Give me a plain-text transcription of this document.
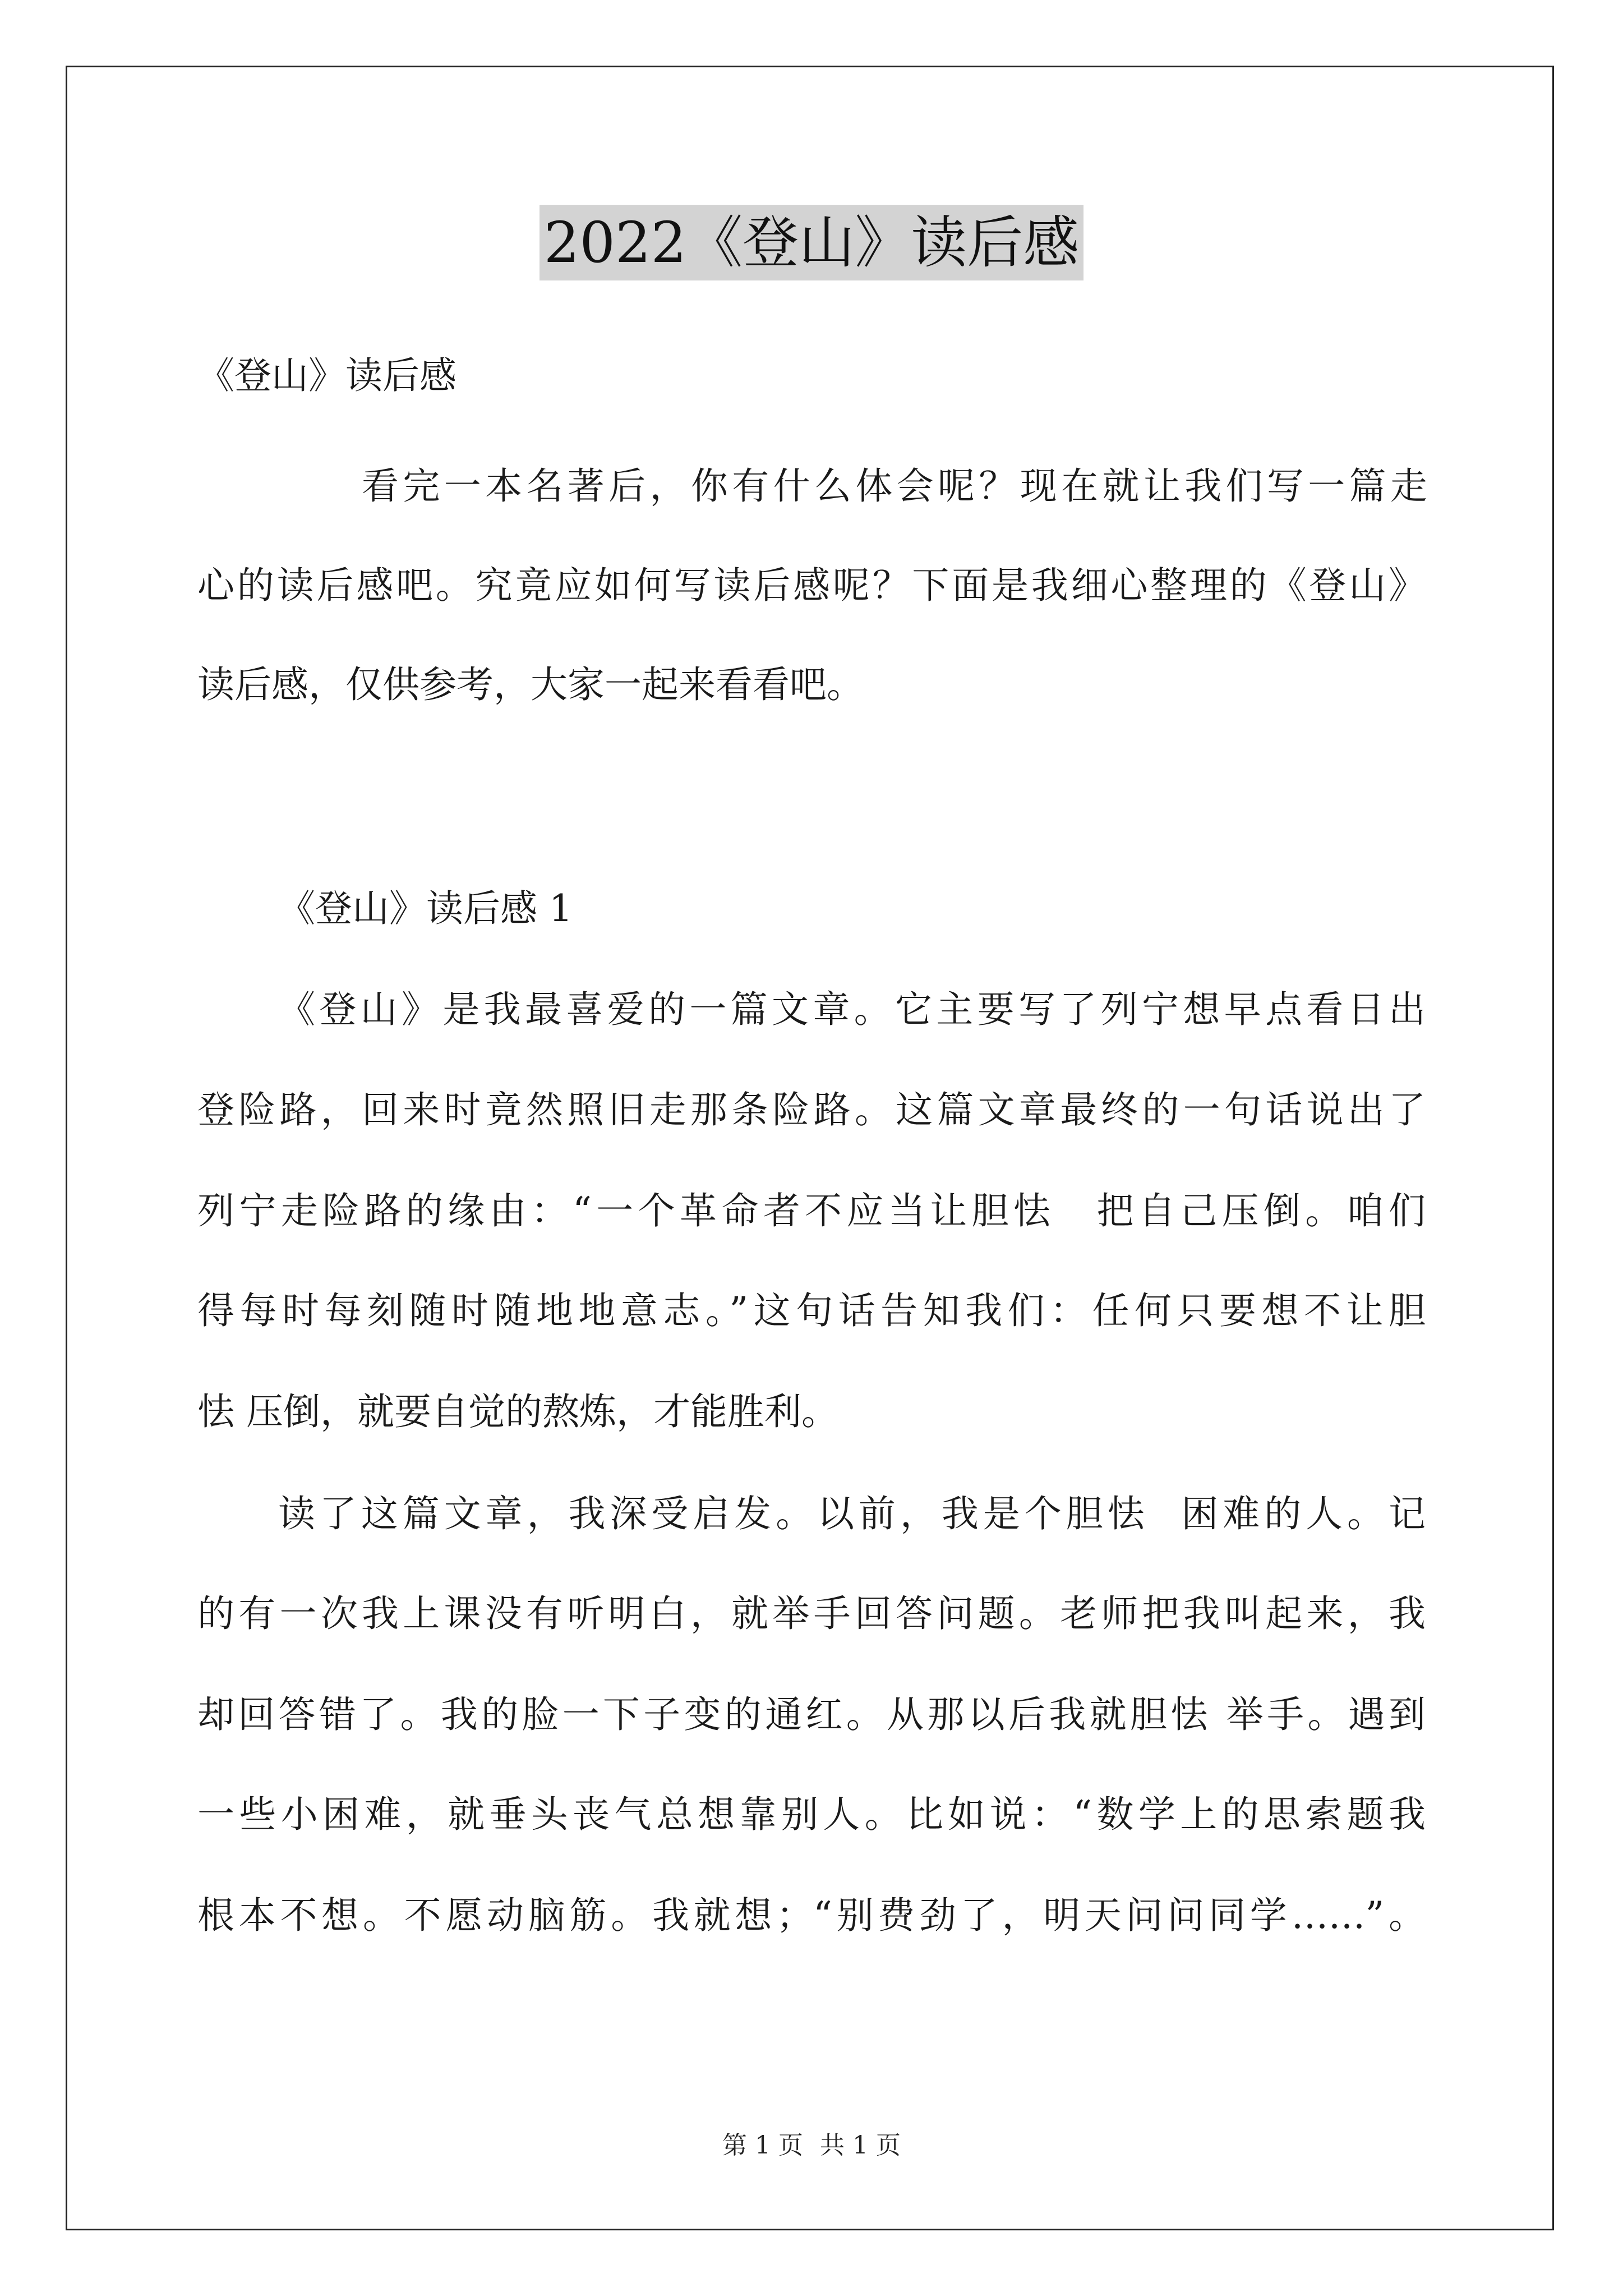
2022《登山》读后感
《登山》读后感
看完一本名著后，你有什么体会呢？现在就让我们写一篇走
心的读后感吧。究竟应如何写读后感呢？下面是我细心整理的《登山》
读后感，仅供参考，大家一起来看看吧。
《登山》读后感 1
《登山》是我最喜爱的一篇文章。它主要写了列宁想早点看日出
登险路，回来时竟然照旧走那条险路。这篇文章最终的一句话说出了
列宁走险路的缘由：“一个革命者不应当让胆怯　把自己压倒。咱们
得每时每刻随时随地地意志。”这句话告知我们：任何只要想不让胆
怯 压倒，就要自觉的熬炼，才能胜利。
读了这篇文章，我深受启发。以前，我是个胆怯  困难的人。记
的有一次我上课没有听明白，就举手回答问题。老师把我叫起来，我
却回答错了。我的脸一下子变的通红。从那以后我就胆怯 举手。遇到
一些小困难，就垂头丧气总想靠别人。比如说：“数学上的思索题我
根本不想。不愿动脑筋。我就想；“别费劲了，明天问问同学……”。
第 1 页 共 1 页
